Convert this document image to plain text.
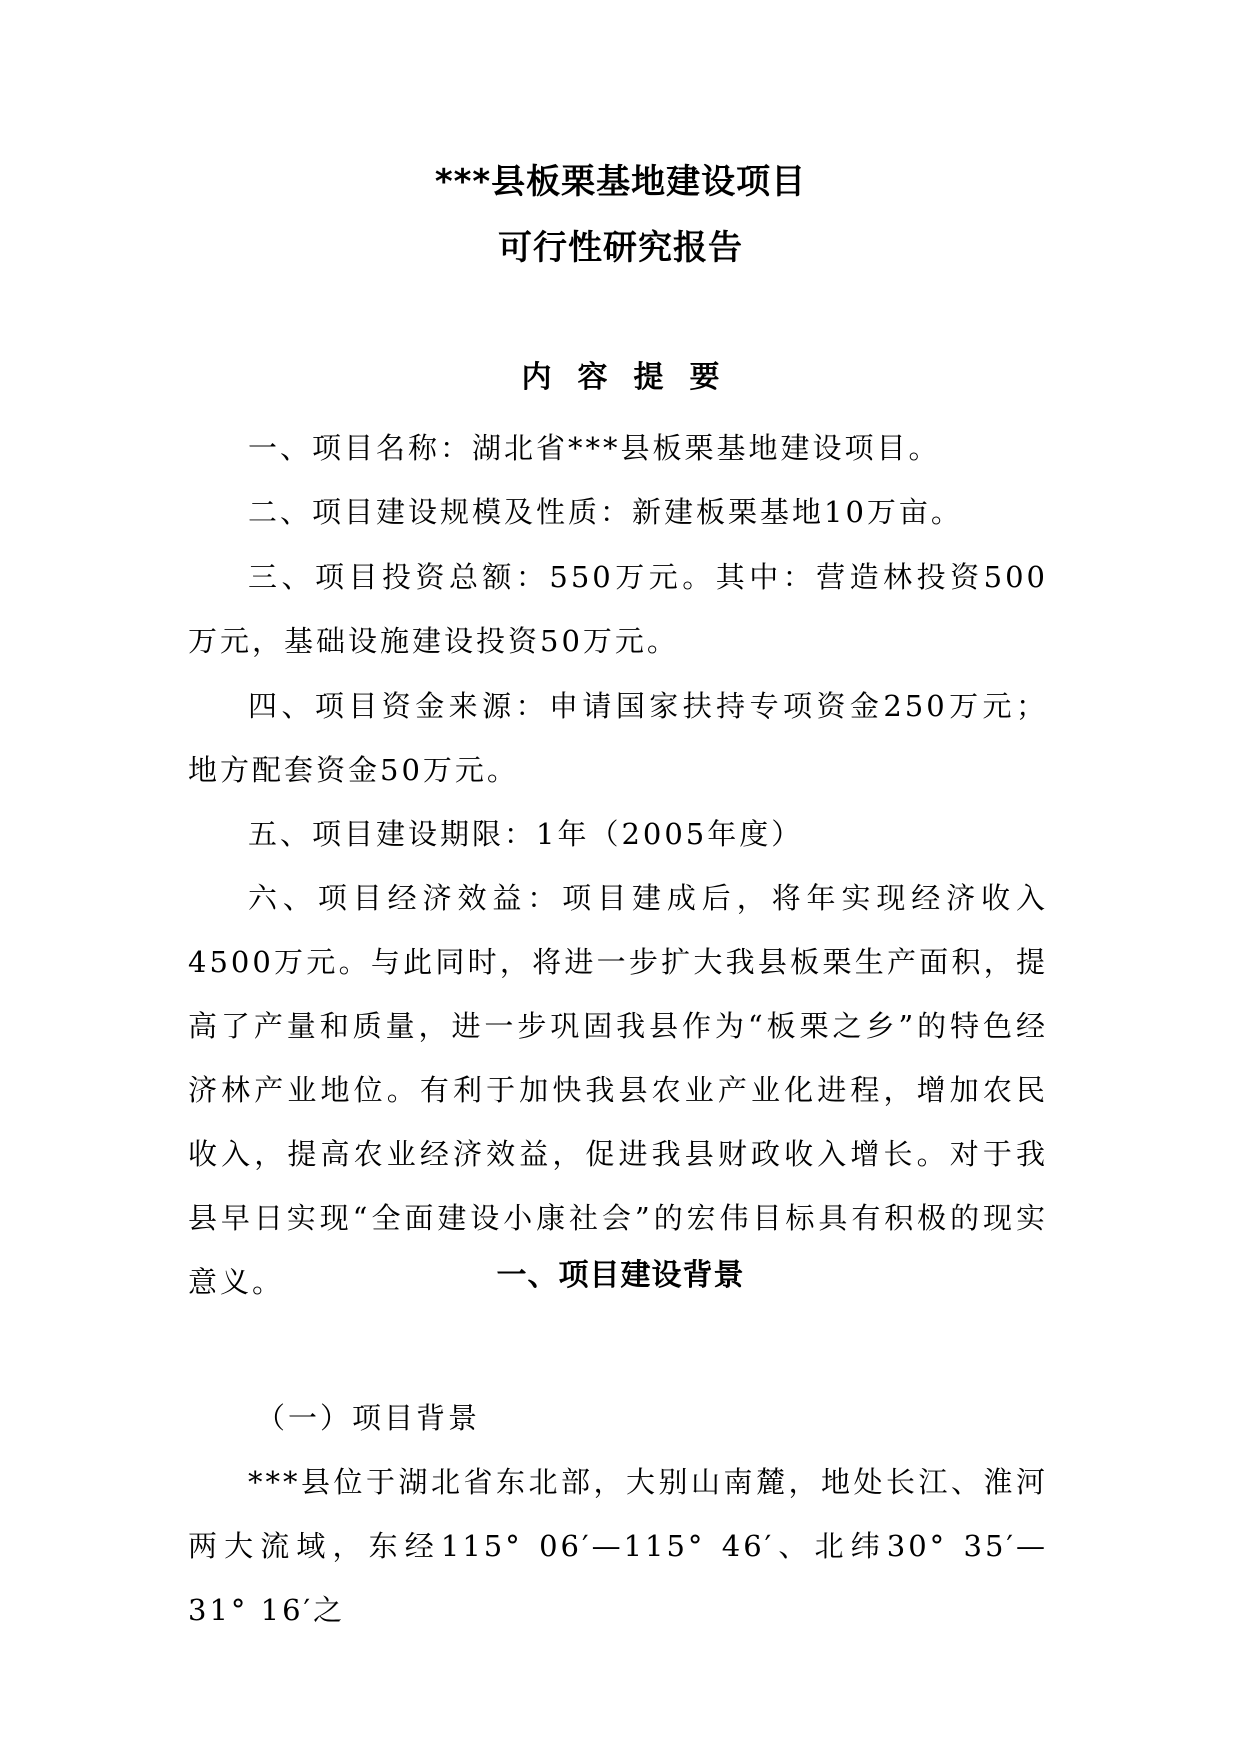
***县板栗基地建设项目
可行性研究报告
内容提要

一、项目名称：湖北省***县板栗基地建设项目。

二、项目建设规模及性质：新建板栗基地10万亩。

三、项目投资总额：550万元。其中：营造林投资500万元，基础设施建设投资50万元。

四、项目资金来源：申请国家扶持专项资金250万元；地方配套资金50万元。

五、项目建设期限：1年（2005年度）

六、项目经济效益：项目建成后，将年实现经济收入4500万元。与此同时，将进一步扩大我县板栗生产面积，提高了产量和质量，进一步巩固我县作为“板栗之乡”的特色经济林产业地位。有利于加快我县农业产业化进程，增加农民收入，提高农业经济效益，促进我县财政收入增长。对于我县早日实现“全面建设小康社会”的宏伟目标具有积极的现实意义。	一、项目建设背景
（一）项目背景

***县位于湖北省东北部，大别山南麓，地处长江、淮河两大流域，东经115° 06′—115° 46′、北纬30° 35′—31° 16′之
